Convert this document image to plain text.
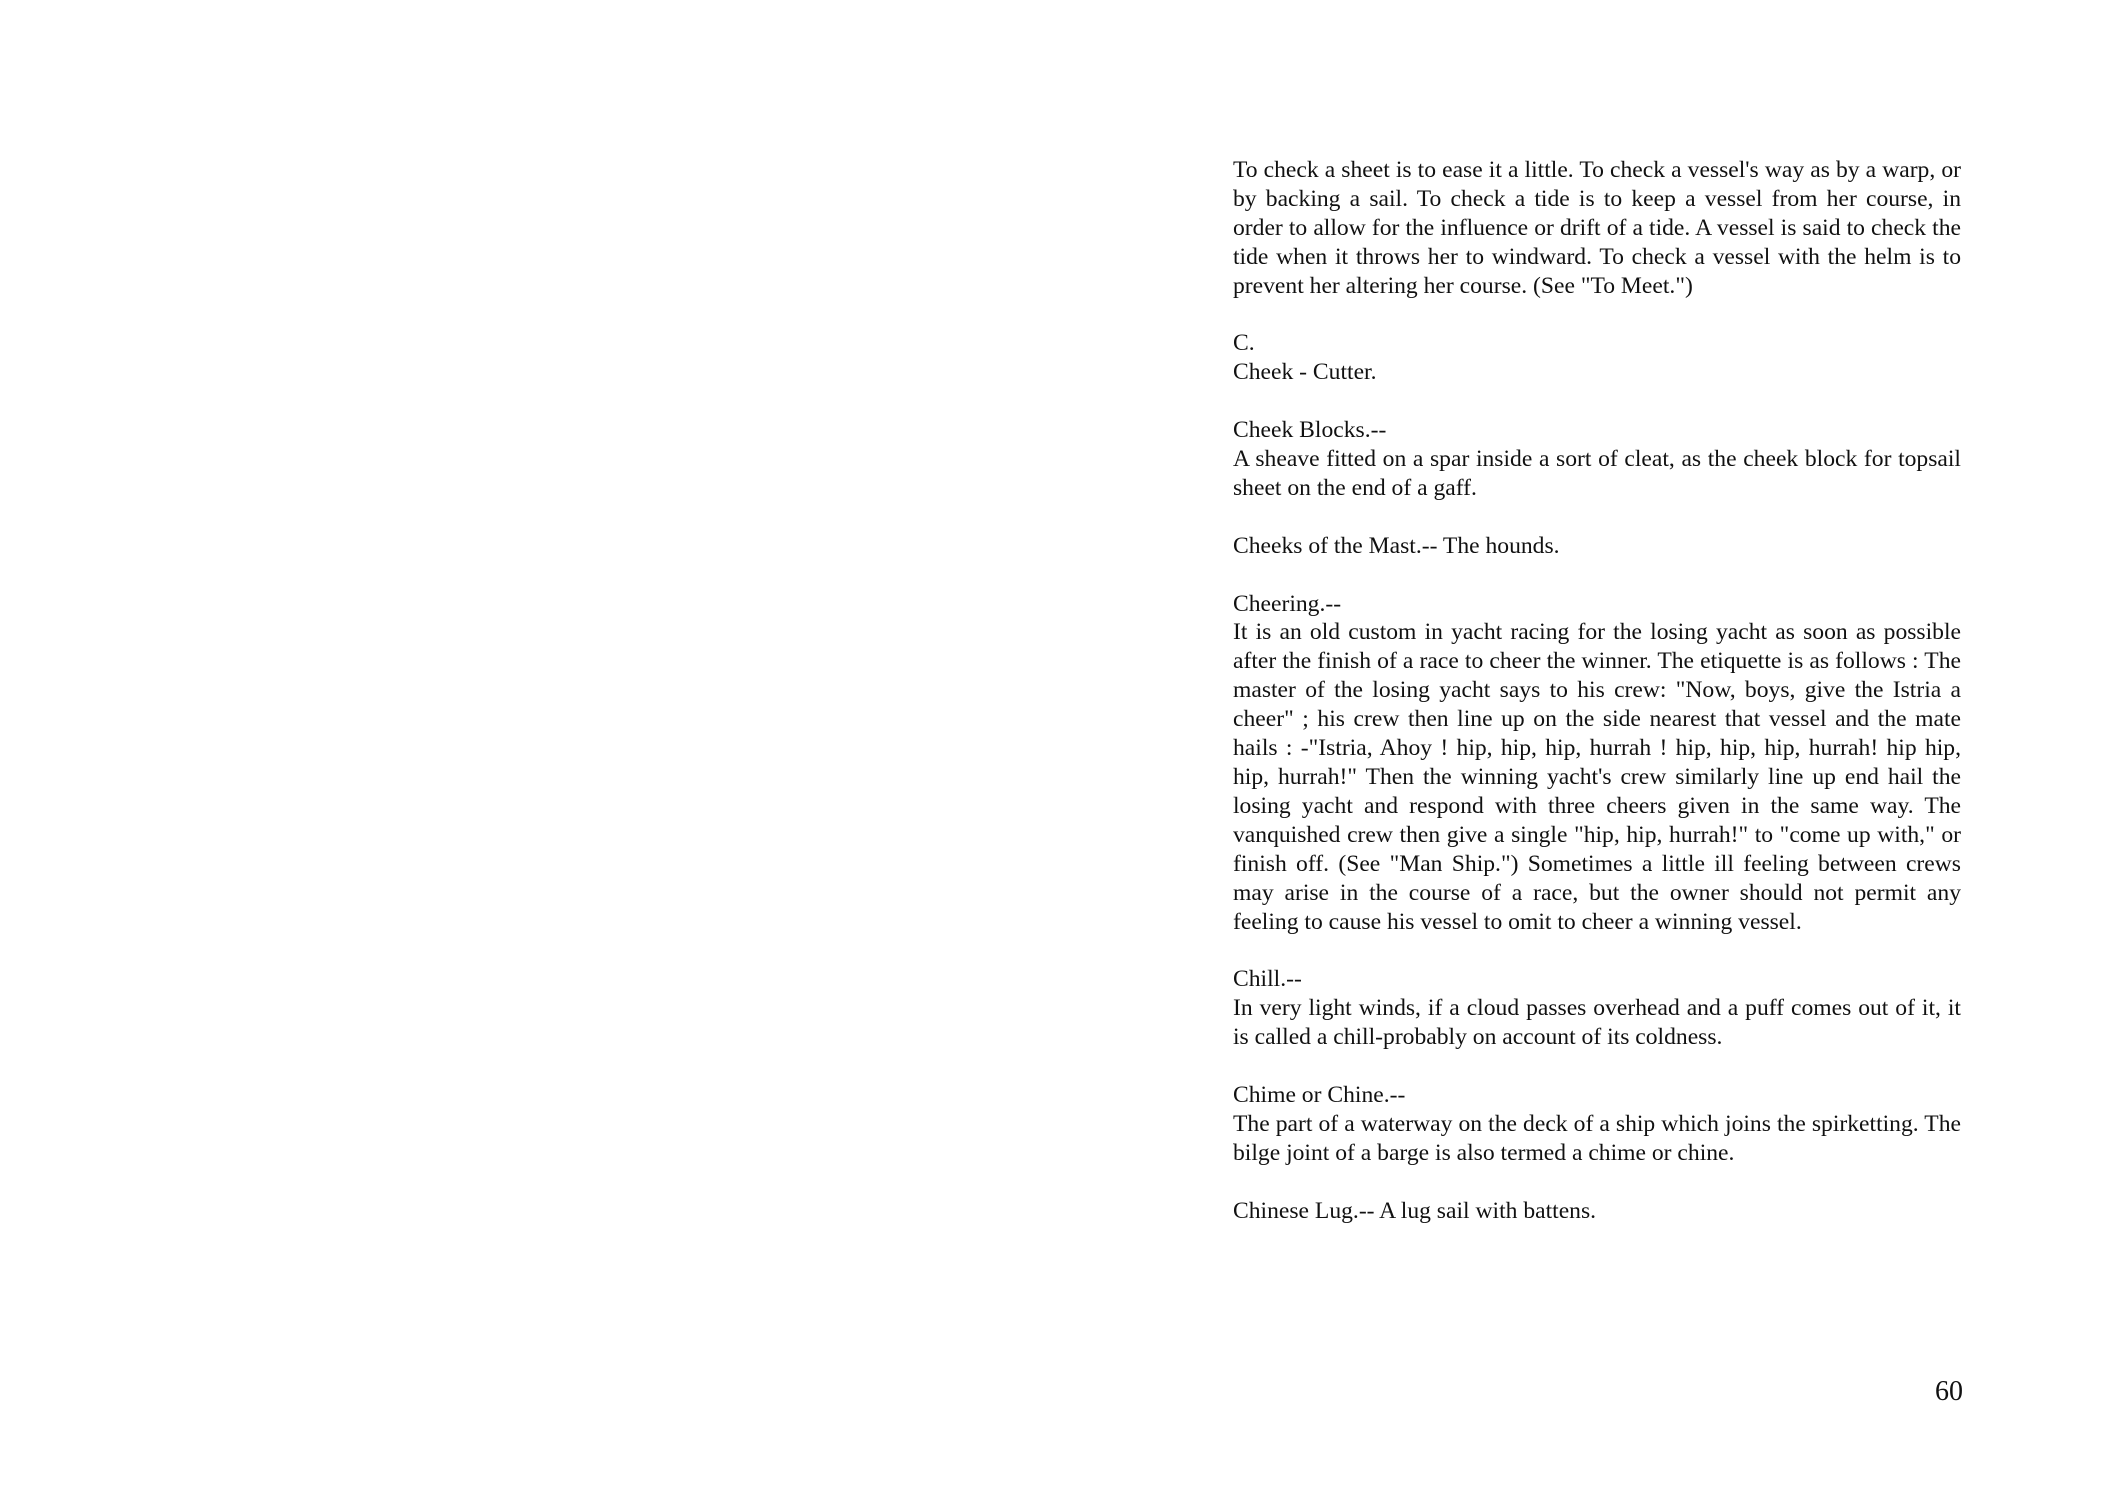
To check a sheet is to ease it a little. To check a vessel's way as by a warp, or by backing a sail. To check a tide is to keep a vessel from her course, in order to allow for the influence or drift of a tide. A vessel is said to check the tide when it throws her to windward. To check a vessel with the helm is to prevent her altering her course. (See "To Meet.")

C.

Cheek - Cutter.

Cheek Blocks.--

A sheave fitted on a spar inside a sort of cleat, as the cheek block for topsail sheet on the end of a gaff.

Cheeks of the Mast.-- The hounds.

Cheering.--

It is an old custom in yacht racing for the losing yacht as soon as possible after the finish of a race to cheer the winner. The etiquette is as follows : The master of the losing yacht says to his crew: "Now, boys, give the Istria a cheer" ; his crew then line up on the side nearest that vessel and the mate hails : -"Istria, Ahoy ! hip, hip, hip, hurrah ! hip, hip, hip, hurrah! hip hip, hip, hurrah!" Then the winning yacht's crew similarly line up end hail the losing yacht and respond with three cheers given in the same way. The vanquished crew then give a single "hip, hip, hurrah!" to "come up with," or finish off. (See "Man Ship.") Sometimes a little ill feeling between crews may arise in the course of a race, but the owner should not permit any feeling to cause his vessel to omit to cheer a winning vessel.

Chill.--

In very light winds, if a cloud passes overhead and a puff comes out of it, it is called a chill-probably on account of its coldness.

Chime or Chine.--

The part of a waterway on the deck of a ship which joins the spirketting. The bilge joint of a barge is also termed a chime or chine.

Chinese Lug.-- A lug sail with battens.

60
